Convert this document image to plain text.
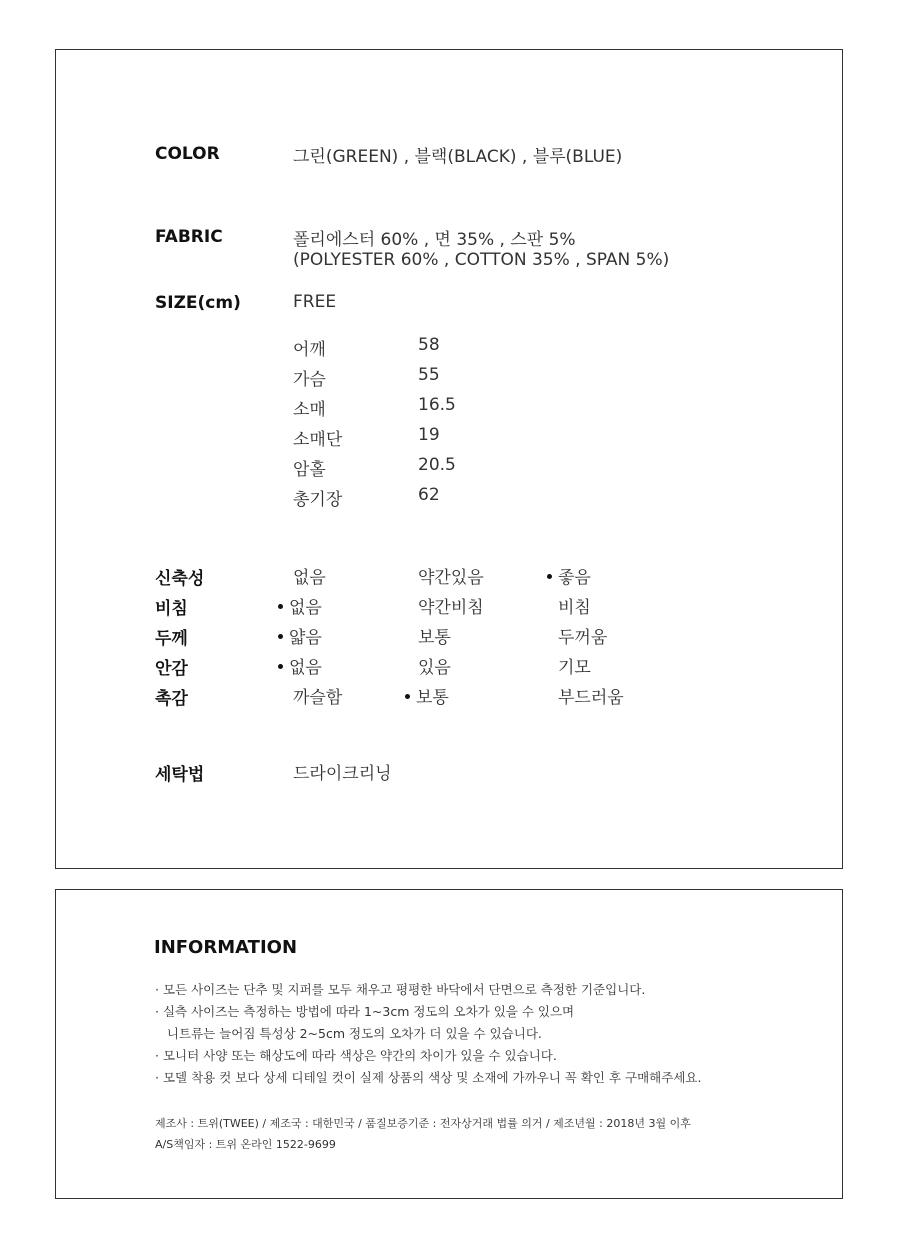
COLOR	그린(GREEN) , 블랙(BLACK) , 블루(BLUE)
FABRIC	폴리에스터 60% , 면 35% , 스판 5%
(POLYESTER 60% , COTTON 35% , SPAN 5%)
SIZE(cm)	FREE
어깨	58
가슴	55
소매	16.5
소매단	19
암홀	20.5
총기장	62
신축성	없음	약간있음	좋음
비침	없음	약간비침	비침
두께	얇음	보통	두꺼움
안감	없음	있음	기모
촉감	까슬함	보통	부드러움
세탁법	드라이크리닝
INFORMATION
· 모든 사이즈는 단추 및 지퍼를 모두 채우고 평평한 바닥에서 단면으로 측정한 기준입니다.
· 실측 사이즈는 측정하는 방법에 따라 1~3cm 정도의 오차가 있을 수 있으며
니트류는 늘어짐 특성상 2~5cm 정도의 오차가 더 있을 수 있습니다.
· 모니터 사양 또는 해상도에 따라 색상은 약간의 차이가 있을 수 있습니다.
· 모델 착용 컷 보다 상세 디테일 컷이 실제 상품의 색상 및 소재에 가까우니 꼭 확인 후 구매해주세요.
제조사 : 트위(TWEE) / 제조국 : 대한민국 / 품질보증기준 : 전자상거래 법률 의거 / 제조년월 : 2018년 3월 이후
A/S책임자 : 트위 온라인 1522-9699
